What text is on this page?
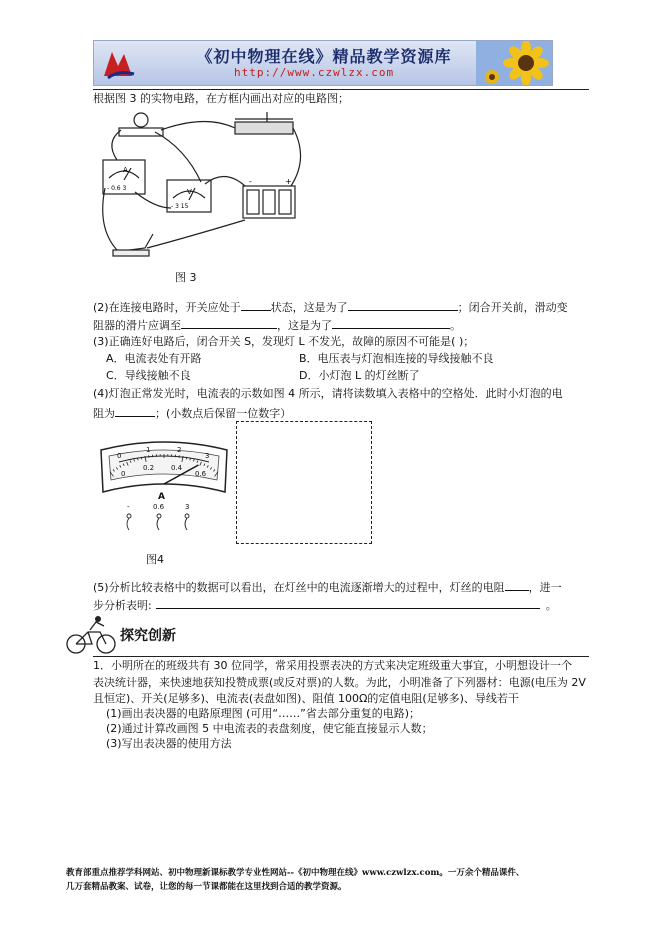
《初中物理在线》精品教学资源库
http://www.czwlzx.com
根据图 3 的实物电路，在方框内画出对应的电路图；
A
- 0.6 3	V
- 3 15
-	+
图 3
(2)在连接电路时，开关应处于	状态，这是为了	；闭合开关前，滑动变
阻器的滑片应调至	，这是为了	。
(3)正确连好电路后，闭合开关 S，发现灯 L 不发光，故障的原因不可能是( )；
A．电流表处有开路	B．电压表与灯泡相连接的导线接触不良
C．导线接触不良	D．小灯泡 L 的灯丝断了
(4)灯泡正常发光时，电流表的示数如图 4 所示，请将读数填入表格中的空格处．此时小灯泡的电
阻为	；(小数点后保留一位数字）
0
1	2
3
0
0.2 0.4
0.6
A
-	0.6	3
图4
(5)分析比较表格中的数据可以看出，在灯丝中的电流逐渐增大的过程中，灯丝的电阻 ，进一
步分析表明:	。
探究创新
1．小明所在的班级共有 30 位同学，常采用投票表决的方式来决定班级重大事宜，小明想设计一个
表决统计器，来快速地获知投赞成票(或反对票)的人数。为此，小明准备了下列器材：电源(电压为 2V
且恒定)、开关(足够多)、电流表(表盘如图)、阻值 100Ω的定值电阻(足够多)、导线若干
(1)画出表决器的电路原理图 (可用“……”省去部分重复的电路)；
(2)通过计算改画图 5 中电流表的表盘刻度，使它能直接显示人数；
(3)写出表决器的使用方法
教育部重点推荐学科网站、初中物理新课标教学专业性网站--《初中物理在线》www.czwlzx.com。一万余个精品课件、
几万套精品教案、试卷，让您的每一节课都能在这里找到合适的教学资源。
